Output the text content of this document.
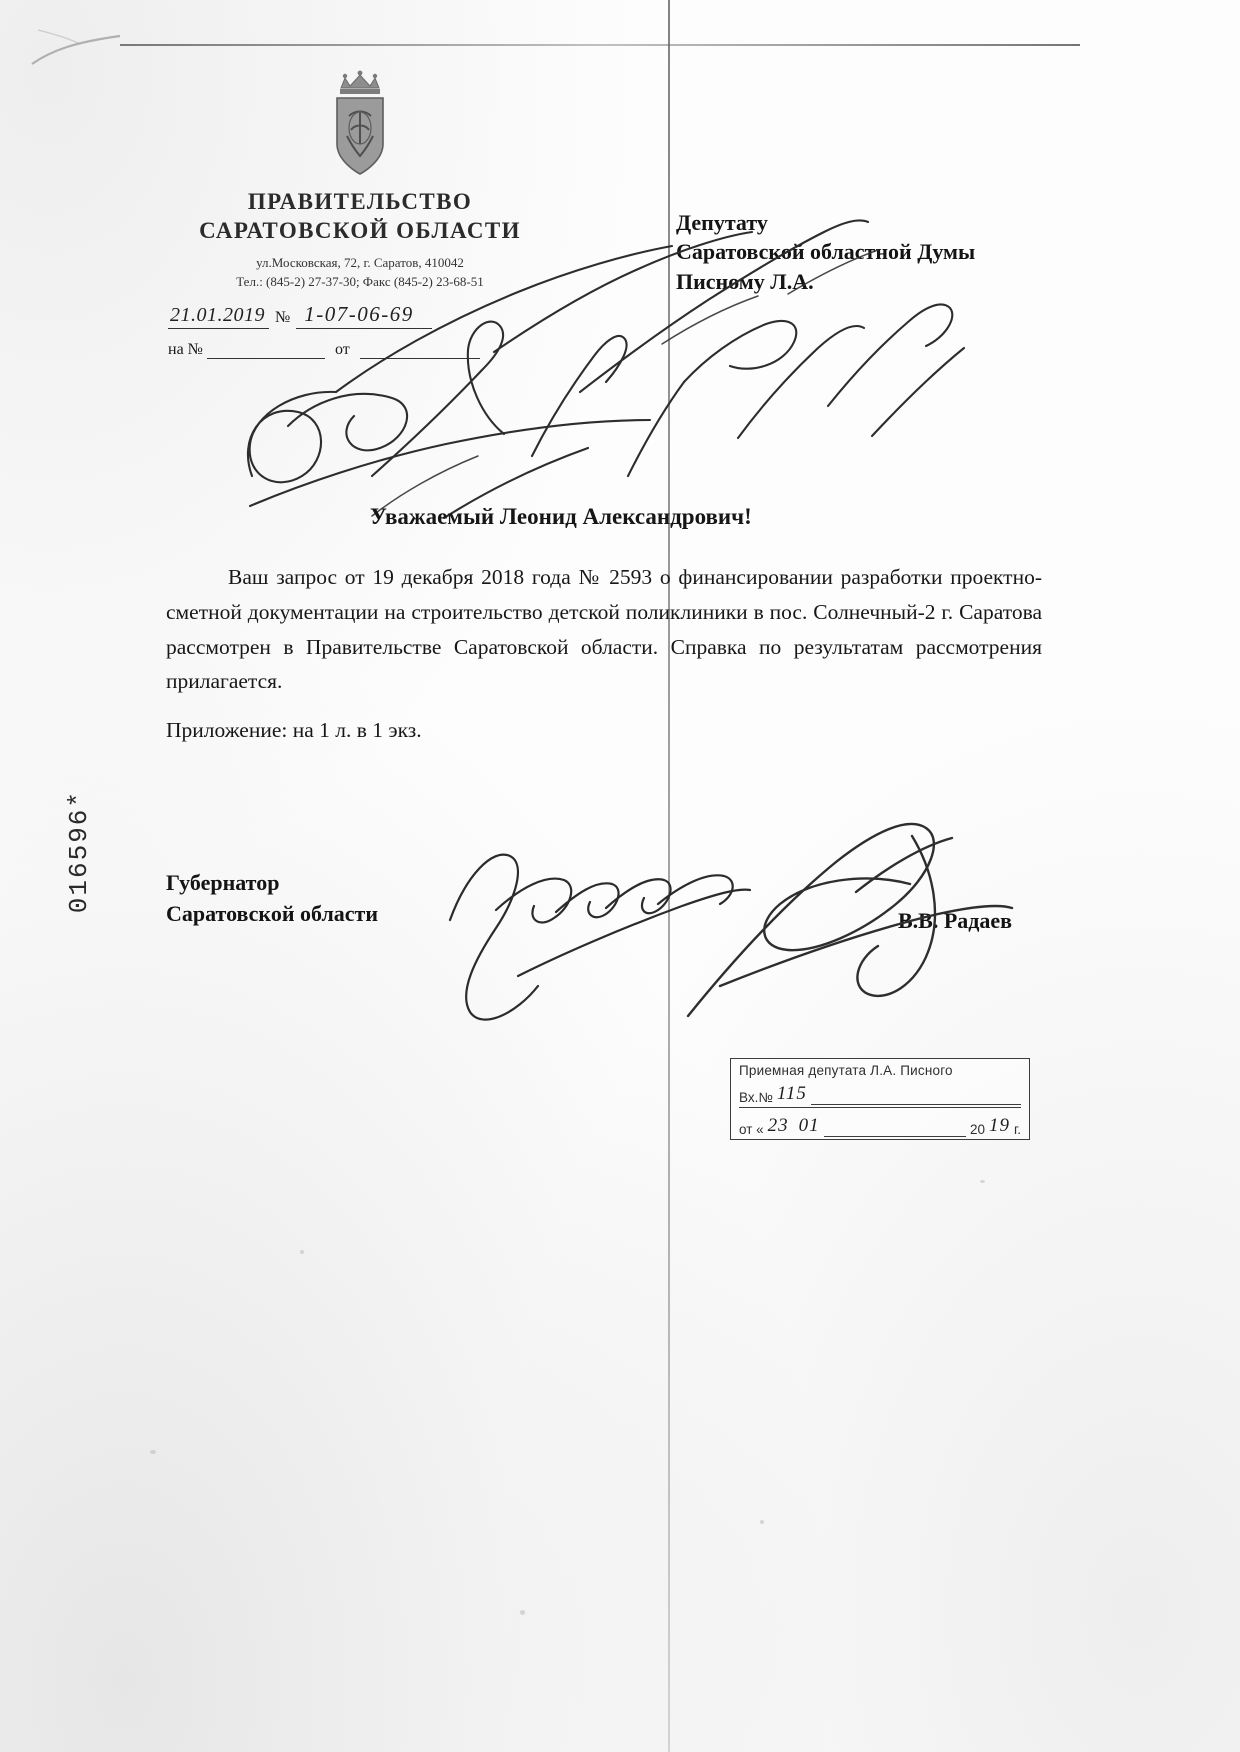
ПРАВИТЕЛЬСТВО
САРАТОВСКОЙ ОБЛАСТИ
ул.Московская, 72, г. Саратов, 410042
Тел.: (845-2) 27-37-30; Факс (845-2) 23-68-51
21.01.2019 № 1-07-06-69
на №	от
Депутату
Саратовской областной Думы
Писному Л.А.
Уважаемый Леонид Александрович!

Ваш запрос от 19 декабря 2018 года № 2593 о финансировании разработки проектно-сметной документации на строительство детской поликлиники в пос. Солнечный-2 г. Саратова рассмотрен в Правительстве Саратовской области. Справка по результатам рассмотрения прилагается.

Приложение: на 1 л. в 1 экз.
016596*	Губернатор
Саратовской области	В.В. Радаев
Приемная депутата Л.А. Писного
Вх.№ 115
от « 23 01	20 19 г.
